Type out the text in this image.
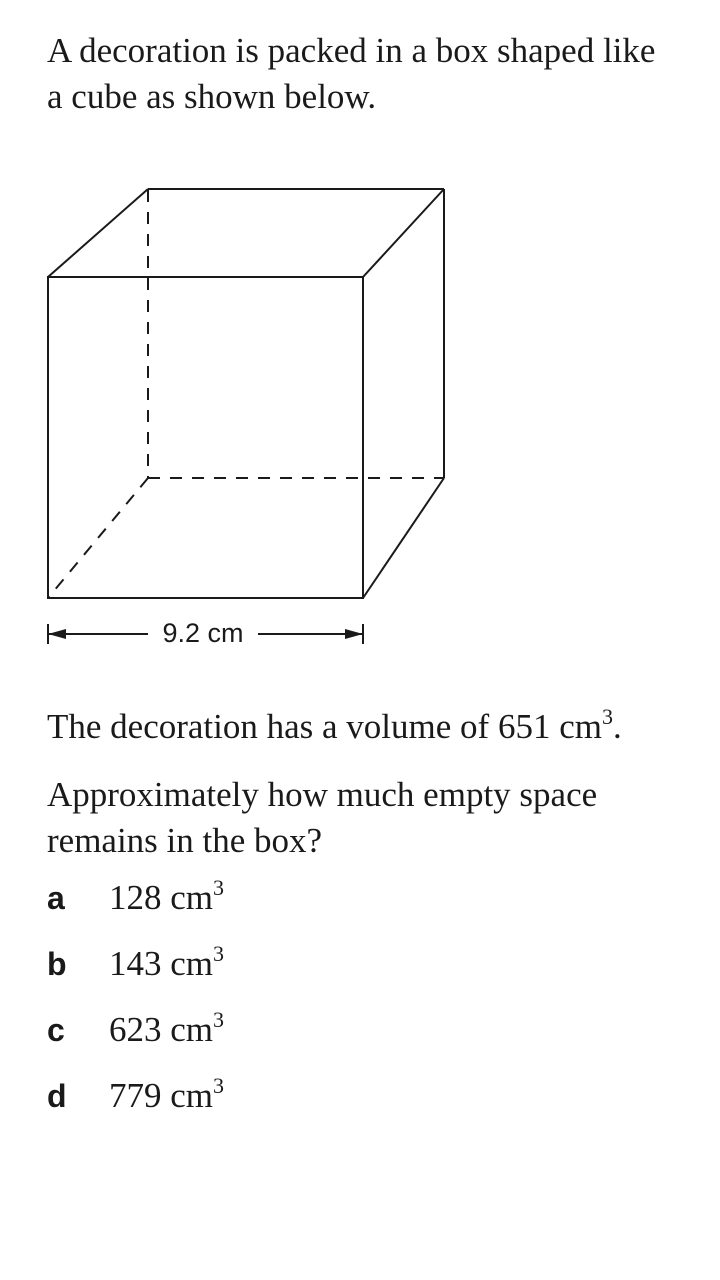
A decoration is packed in a box shaped like
a cube as shown below.

9.2 cm

The decoration has a volume of 651 $cm^3$.

Approximately how much empty space
remains in the box?

a	128 $cm^3$
b	143 $cm^3$
c	623 $cm^3$
d	779 $cm^3$
